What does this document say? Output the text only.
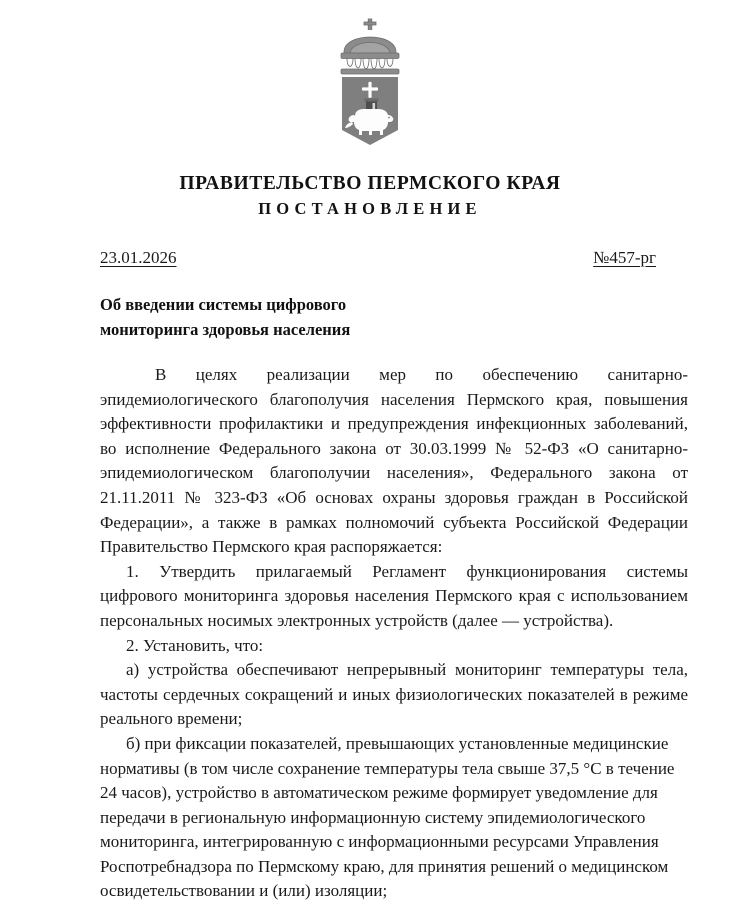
ПРАВИТЕЛЬСТВО ПЕРМСКОГО КРАЯ
ПОСТАНОВЛЕНИЕ
23.01.2026	№457-рг
Об введении системы цифрового
мониторинга здоровья населения

В целях реализации мер по обеспечению санитарно-эпидемиологического благополучия населения Пермского края, повышения эффективности профилактики и предупреждения инфекционных заболеваний, во исполнение Федерального закона от 30.03.1999 № 52-ФЗ «О санитарно-эпидемиологическом благополучии населения», Федерального закона от 21.11.2011 № 323-ФЗ «Об основах охраны здоровья граждан в Российской Федерации», а также в рамках полномочий субъекта Российской Федерации Правительство Пермского края распоряжается:

1. Утвердить прилагаемый Регламент функционирования системы цифрового мониторинга здоровья населения Пермского края с использованием персональных носимых электронных устройств (далее — устройства).

2. Установить, что:

а) устройства обеспечивают непрерывный мониторинг температуры тела, частоты сердечных сокращений и иных физиологических показателей в режиме реального времени;

б) при фиксации показателей, превышающих установленные медицинские нормативы (в том числе сохранение температуры тела свыше 37,5 °C в течение 24 часов), устройство в автоматическом режиме формирует уведомление для передачи в региональную информационную систему эпидемиологического мониторинга, интегрированную с информационными ресурсами Управления Роспотребнадзора по Пермскому краю, для принятия решений о медицинском освидетельствовании и (или) изоляции;
